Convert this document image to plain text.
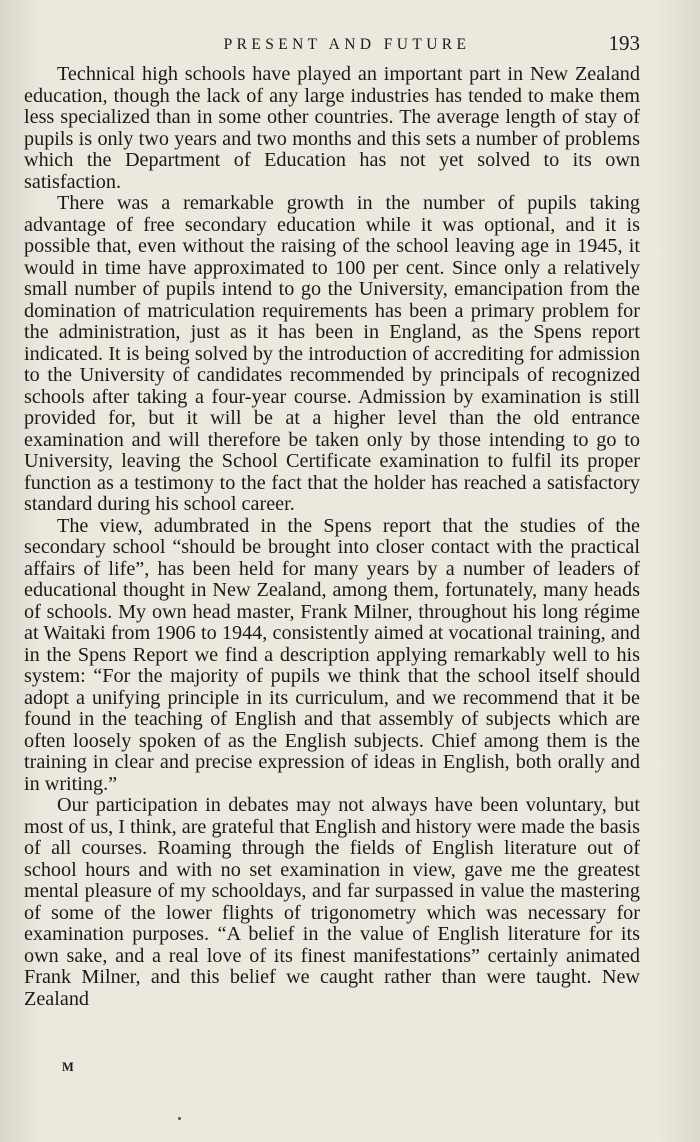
PRESENT AND FUTURE	193

Technical high schools have played an important part in New Zealand education, though the lack of any large industries has tended to make them less specialized than in some other countries. The average length of stay of pupils is only two years and two months and this sets a number of problems which the Department of Education has not yet solved to its own satisfaction.

There was a remarkable growth in the number of pupils taking advantage of free secondary education while it was optional, and it is possible that, even without the raising of the school leaving age in 1945, it would in time have approximated to 100 per cent. Since only a relatively small number of pupils intend to go the University, emancipation from the domination of matriculation requirements has been a primary problem for the administration, just as it has been in England, as the Spens report indicated. It is being solved by the introduction of accrediting for admission to the University of candidates recommended by principals of recognized schools after taking a four-year course. Admission by examination is still provided for, but it will be at a higher level than the old entrance examination and will therefore be taken only by those intending to go to University, leaving the School Certificate examination to fulfil its proper function as a testimony to the fact that the holder has reached a satisfactory standard during his school career.

The view, adumbrated in the Spens report that the studies of the secondary school “should be brought into closer contact with the practical affairs of life”, has been held for many years by a number of leaders of educational thought in New Zealand, among them, fortunately, many heads of schools. My own head master, Frank Milner, throughout his long régime at Waitaki from 1906 to 1944, consistently aimed at vocational training, and in the Spens Report we find a description applying remarkably well to his system: “For the majority of pupils we think that the school itself should adopt a unifying principle in its curriculum, and we recommend that it be found in the teaching of English and that assembly of subjects which are often loosely spoken of as the English subjects. Chief among them is the training in clear and precise expression of ideas in English, both orally and in writing.”

Our participation in debates may not always have been voluntary, but most of us, I think, are grateful that English and history were made the basis of all courses. Roaming through the fields of English literature out of school hours and with no set examination in view, gave me the greatest mental pleasure of my schooldays, and far surpassed in value the mastering of some of the lower flights of trigonometry which was necessary for examination purposes. “A belief in the value of English literature for its own sake, and a real love of its finest manifestations” certainly animated Frank Milner, and this belief we caught rather than were taught. New Zealand

M
